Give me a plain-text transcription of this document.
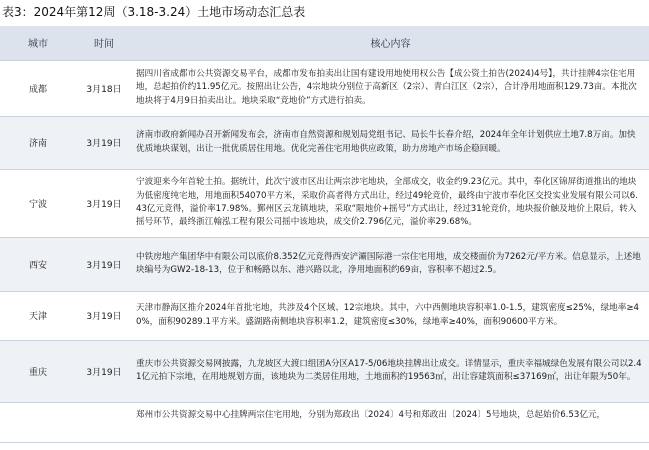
表3：2024年第12周（3.18-3.24）土地市场动态汇总表
城市	时间	核心内容
成都	3月18日	据四川省成都市公共资源交易平台，成都市发布拍卖出让国有建设用地使用权公告【成公资土拍告(2024)4号】，共计挂牌4宗住宅用地，总起拍价约11.95亿元。按照出让公告，4宗地块分别位于高新区（2宗）、青白江区（2宗），合计净用地面积129.73亩。本批次地块将于4月9日拍卖出让。地块采取“竞地价”方式进行拍卖。
济南	3月19日	济南市政府新闻办召开新闻发布会，济南市自然资源和规划局党组书记、局长牛长春介绍，2024年全年计划供应土地7.8万亩。加快优质地块谋划，出让一批优质居住用地。优化完善住宅用地供应政策，助力房地产市场企稳回暖。
宁波	3月19日	宁波迎来今年首轮土拍。据统计，此次宁波市区出让两宗涉宅地块，全部成交，收金约9.23亿元。其中，奉化区锦屏街道推出的地块为低密度纯宅地，用地面积54070平方米，采取价高者得方式出让，经过49轮竞价，最终由宁波市奉化区交投实业发展有限公司以6.43亿元竞得，溢价率17.98%。鄞州区云龙镇地块，采取“限地价+摇号”方式出让，经过31轮竞价，地块报价触及地价上限后，转入摇号环节，最终浙江翰泓工程有限公司摇中该地块，成交价2.796亿元，溢价率29.68%。
西安	3月19日	中铁房地产集团华中有限公司以底价8.352亿元竞得西安浐灞国际港一宗住宅用地，成交楼面价为7262元/平方米。信息显示，上述地块编号为GW2-18-13，位于和畅路以东、港兴路以北，净用地面积约69亩，容积率不超过2.5。
天津	3月19日	天津市静海区推介2024年首批宅地，共涉及4个区域、12宗地块。其中，六中西侧地块容积率1.0-1.5，建筑密度≤25%，绿地率≥40%，面积90289.1平方米。盛湖路南侧地块容积率1.2，建筑密度≤30%，绿地率≥40%，面积90600平方米。
重庆	3月19日	重庆市公共资源交易网披露，九龙坡区大渡口组团A分区A17-5/06地块挂牌出让成交。详情显示，重庆幸福城绿色发展有限公司以2.41亿元拍下宗地，在用地规划方面，该地块为二类居住用地，土地面积约19563㎡，出让容建筑面积≤37169㎡，出让年限为50年。
		郑州市公共资源交易中心挂牌两宗住宅用地，分别为郑政出〔2024〕4号和郑政出〔2024〕5号地块，总起始价6.53亿元，
